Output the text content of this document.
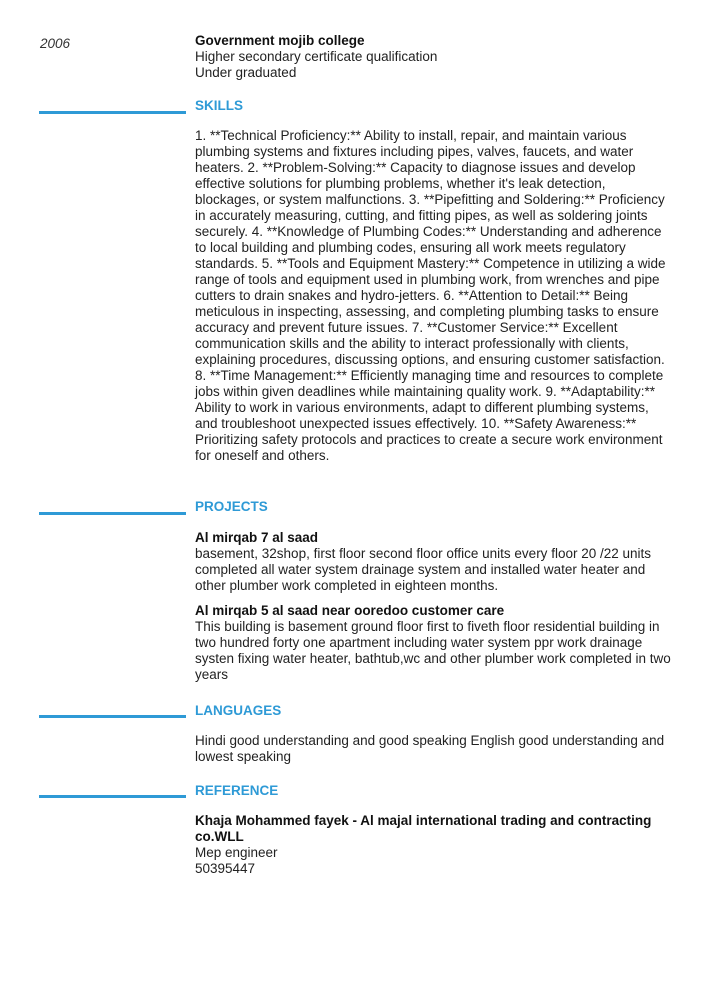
2006	Government mojib college
Higher secondary certificate qualification
Under graduated
SKILLS
1. **Technical Proficiency:** Ability to install, repair, and maintain various plumbing systems and fixtures including pipes, valves, faucets, and water heaters. 2. **Problem-Solving:** Capacity to diagnose issues and develop effective solutions for plumbing problems, whether it's leak detection, blockages, or system malfunctions. 3. **Pipefitting and Soldering:** Proficiency in accurately measuring, cutting, and fitting pipes, as well as soldering joints securely. 4. **Knowledge of Plumbing Codes:** Understanding and adherence to local building and plumbing codes, ensuring all work meets regulatory standards. 5. **Tools and Equipment Mastery:** Competence in utilizing a wide range of tools and equipment used in plumbing work, from wrenches and pipe cutters to drain snakes and hydro-jetters. 6. **Attention to Detail:** Being meticulous in inspecting, assessing, and completing plumbing tasks to ensure accuracy and prevent future issues. 7. **Customer Service:** Excellent communication skills and the ability to interact professionally with clients, explaining procedures, discussing options, and ensuring customer satisfaction. 8. **Time Management:** Efficiently managing time and resources to complete jobs within given deadlines while maintaining quality work. 9. **Adaptability:** Ability to work in various environments, adapt to different plumbing systems, and troubleshoot unexpected issues effectively. 10. **Safety Awareness:** Prioritizing safety protocols and practices to create a secure work environment for oneself and others.
PROJECTS
Al mirqab 7 al saad
basement, 32shop, first floor second floor office units every floor 20 /22 units completed all water system drainage system and installed water heater and other plumber work completed in eighteen months.
Al mirqab 5 al saad near ooredoo customer care
This building is basement ground floor first to fiveth floor residential building in two hundred forty one apartment including water system ppr work drainage systen fixing water heater, bathtub,wc and other plumber work completed in two years
LANGUAGES
Hindi good understanding and good speaking English good understanding and lowest speaking
REFERENCE
Khaja Mohammed fayek - Al majal international trading and contracting co.WLL
Mep engineer
50395447
